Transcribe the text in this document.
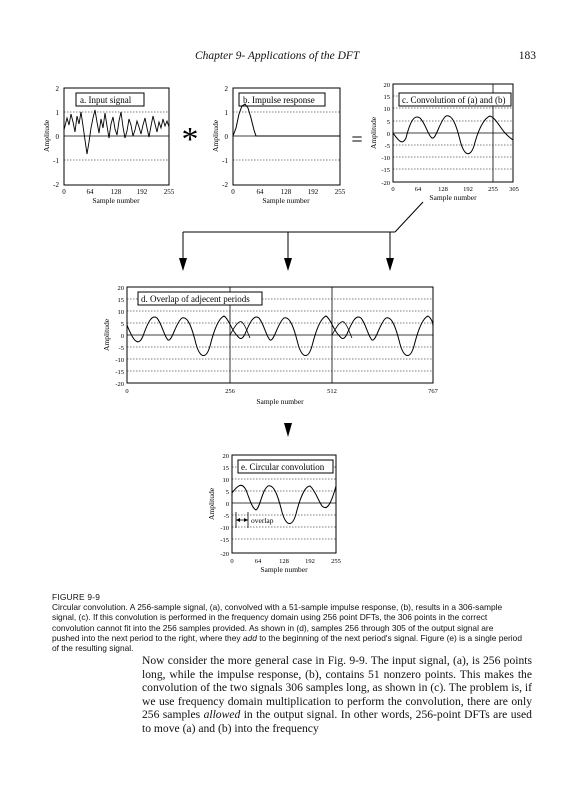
Chapter 9- Applications of the DFT	183
a. Input signal
2
1
0
-1
-2
0	64 128 192 255
Sample number
Amplitude	*
b. Impulse response
2
1
0
-1
-2
0	64 128 192 255
Sample number
Amplitude	=
c. Convolution of (a) and (b)
20
15
10
5
0
-5
-10
-15
-20
0	64	128 192 255 305
Sample number
Amplitude
d. Overlap of adjecent periods
20
15
10
5
0
-5
-10
-15
-20
0	256	512	767
Sample number
Amplitude
e. Circular convolution
overlap
20
15
10
5
0
-5
-10
-15
-20
0	64	128	192	255
Sample number
Amplitude
FIGURE 9-9
Circular convolution. A 256-sample signal, (a), convolved with a 51-sample impulse response, (b), results in a 306-sample signal, (c). If this convolution is performed in the frequency domain using 256 point DFTs, the 306 points in the correct convolution cannot fit into the 256 samples provided. As shown in (d), samples 256 through 305 of the output signal are pushed into the next period to the right, where they add to the beginning of the next period's signal. Figure (e) is a single period of the resulting signal.

Now consider the more general case in Fig. 9-9. The input signal, (a), is 256 points long, while the impulse response, (b), contains 51 nonzero points. This makes the convolution of the two signals 306 samples long, as shown in (c). The problem is, if we use frequency domain multiplication to perform the convolution, there are only 256 samples allowed in the output signal. In other words, 256-point DFTs are used to move (a) and (b) into the frequency
